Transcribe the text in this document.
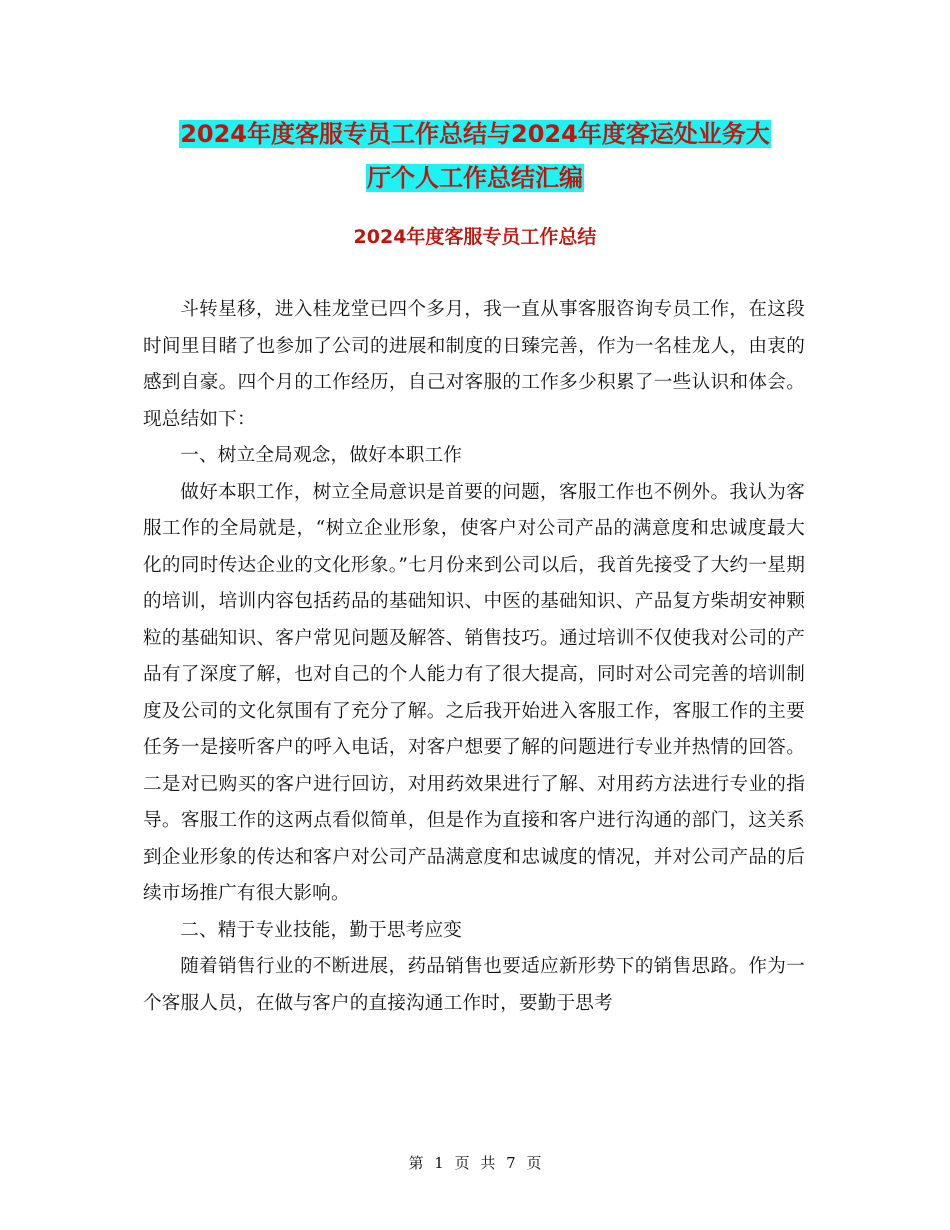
2024年度客服专员工作总结与2024年度客运处业务大
厅个人工作总结汇编
2024年度客服专员工作总结

斗转星移，进入桂龙堂已四个多月，我一直从事客服咨询专员工作，在这段时间里目睹了也参加了公司的进展和制度的日臻完善，作为一名桂龙人，由衷的感到自豪。四个月的工作经历，自己对客服的工作多少积累了一些认识和体会。现总结如下：

一、树立全局观念，做好本职工作

做好本职工作，树立全局意识是首要的问题，客服工作也不例外。我认为客服工作的全局就是，“树立企业形象，使客户对公司产品的满意度和忠诚度最大化的同时传达企业的文化形象。”七月份来到公司以后，我首先接受了大约一星期的培训，培训内容包括药品的基础知识、中医的基础知识、产品复方柴胡安神颗粒的基础知识、客户常见问题及解答、销售技巧。通过培训不仅使我对公司的产品有了深度了解，也对自己的个人能力有了很大提高，同时对公司完善的培训制度及公司的文化氛围有了充分了解。之后我开始进入客服工作，客服工作的主要任务一是接听客户的呼入电话，对客户想要了解的问题进行专业并热情的回答。二是对已购买的客户进行回访，对用药效果进行了解、对用药方法进行专业的指导。客服工作的这两点看似简单，但是作为直接和客户进行沟通的部门，这关系到企业形象的传达和客户对公司产品满意度和忠诚度的情况，并对公司产品的后续市场推广有很大影响。

二、精于专业技能，勤于思考应变

随着销售行业的不断进展，药品销售也要适应新形势下的销售思路。作为一个客服人员，在做与客户的直接沟通工作时，要勤于思考

第 1 页 共 7 页
